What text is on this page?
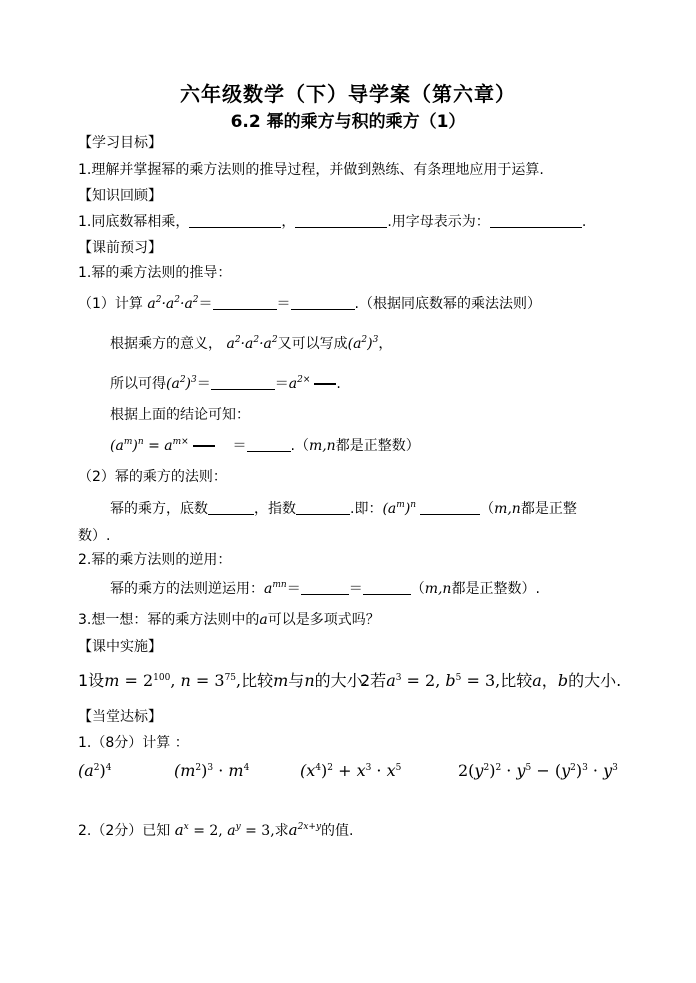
六年级数学（下）导学案（第六章）
6.2 幂的乘方与积的乘方（1）
【学习目标】
1.理解并掌握幂的乘方法则的推导过程，并做到熟练、有条理地应用于运算.
【知识回顾】
1.同底数幂相乘，	，	.用字母表示为：	.
【课前预习】
1.幂的乘方法则的推导：
（1）计算 $a^2\cdot a^2\cdot a^2=$	＝	.（根据同底数幂的乘法法则）
根据乘方的意义， $a^2\cdot a^2\cdot a^2$又可以写成$(a^2)^3$，
所以可得$(a^2)^3=$	$=a^{2\times}$ .
根据上面的结论可知：
$(a^m)^n = a^{m\times}$	＝	.（m,n都是正整数）
（2）幂的乘方的法则：
幂的乘方，底数	，指数	.即：$(a^m)^n$	（m,n都是正整
数）.
2.幂的乘方法则的逆用：
幂的乘方的法则逆运用：$a^{mn}=$	＝	（m,n都是正整数）.
3.想一想：幂的乘方法则中的a可以是多项式吗？
【课中实施】
1设$m = 2^{100}$, $n = 3^{75}$,比较m与n的大小.
2若$a^3 = 2$, $b^5 = 3$,比较a，b的大小.
【当堂达标】
1.（8分）计算 ：
$(a^2)^4$	$(m^2)^3 \cdot m^4$	$(x^4)^2 + x^3 \cdot x^5$	$2(y^2)^2 \cdot y^5 - (y^2)^3 \cdot y^3$
2.（2分）已知 $a^x = 2$, $a^y = 3$,求$a^{2x+y}$的值.
